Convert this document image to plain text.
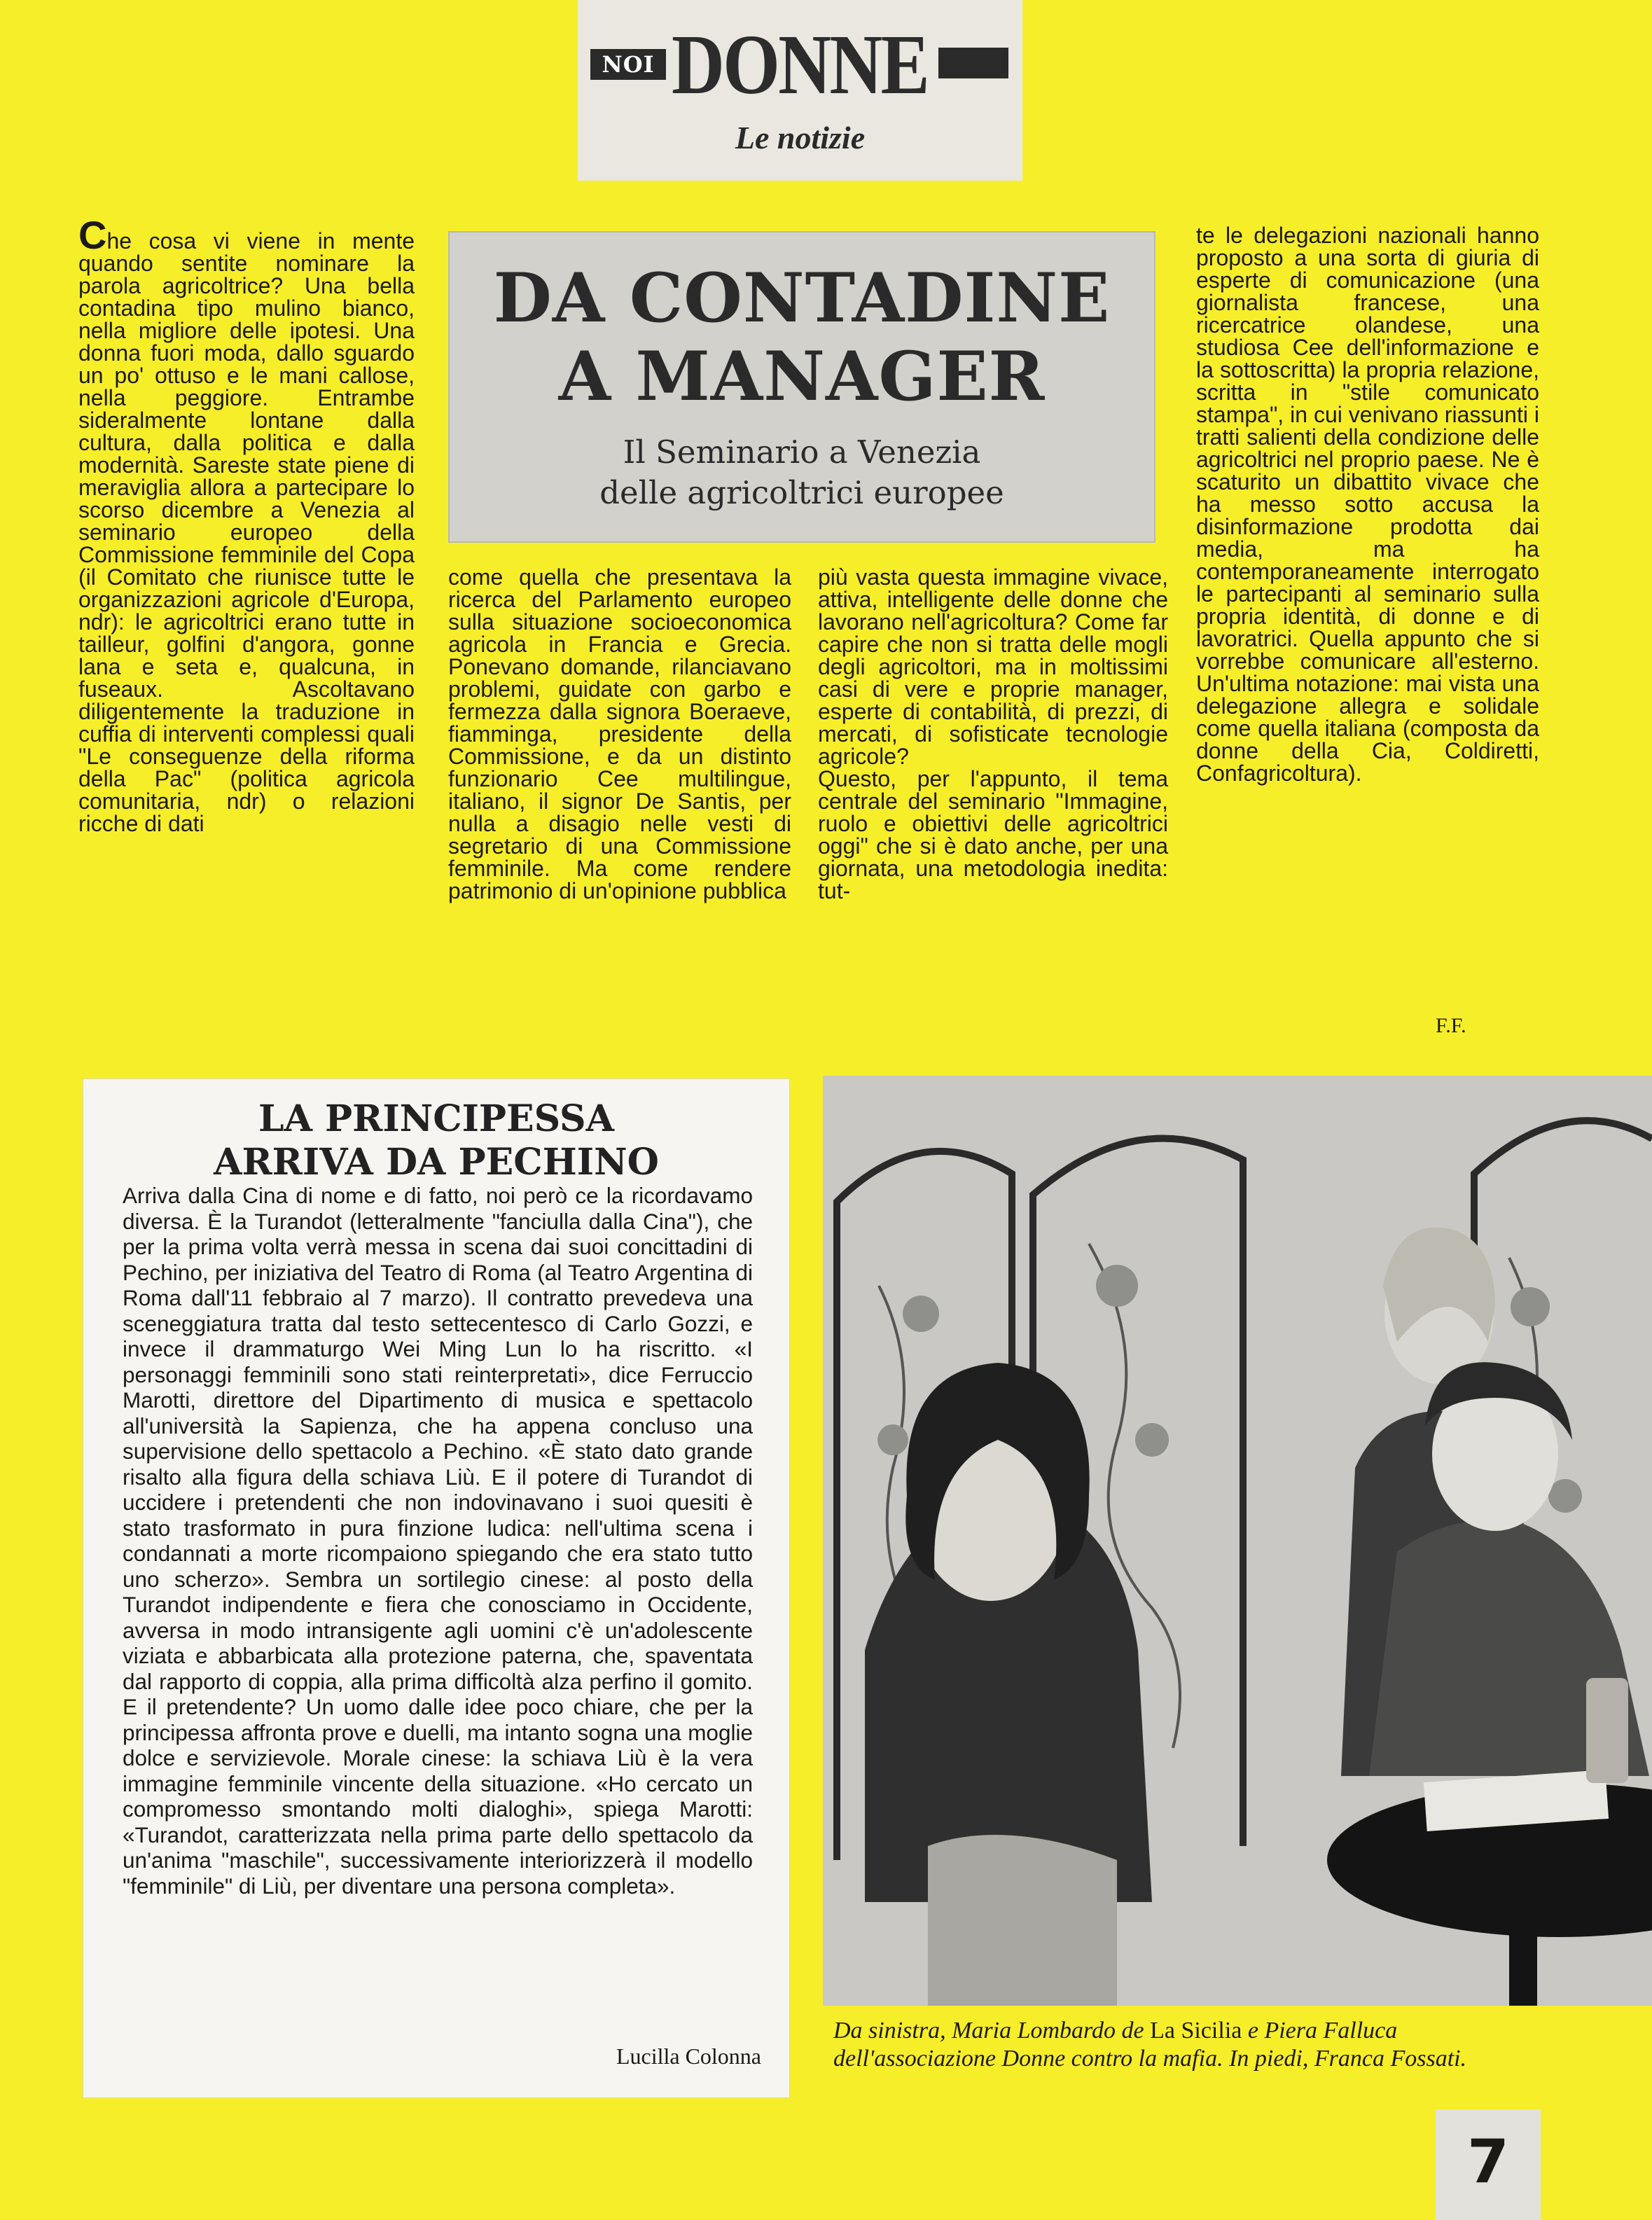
NOI DONNE
Le notizie

Che cosa vi viene in mente quando sentite nominare la parola agricoltrice? Una bella contadina tipo mulino bianco, nella migliore delle ipotesi. Una donna fuori moda, dallo sguardo un po' ottuso e le mani callose, nella peggiore. Entrambe sideralmente lontane dalla cultura, dalla politica e dalla modernità. Sareste state piene di meraviglia allora a partecipare lo scorso dicembre a Venezia al seminario europeo della Commissione femminile del Copa (il Comitato che riunisce tutte le organizzazioni agricole d'Europa, ndr): le agricoltrici erano tutte in tailleur, golfini d'angora, gonne lana e seta e, qualcuna, in fuseaux. Ascoltavano diligentemente la traduzione in cuffia di interventi complessi quali "Le conseguenze della riforma della Pac" (politica agricola comunitaria, ndr) o relazioni ricche di dati

DA CONTADINE
A MANAGER
Il Seminario a Venezia
delle agricoltrici europee

come quella che presentava la ricerca del Parlamento europeo sulla situazione socioeconomica agricola in Francia e Grecia. Ponevano domande, rilanciavano problemi, guidate con garbo e fermezza dalla signora Boeraeve, fiamminga, presidente della Commissione, e da un distinto funzionario Cee multilingue, italiano, il signor De Santis, per nulla a disagio nelle vesti di segretario di una Commissione femminile. Ma come rendere patrimonio di un'opinione pubblica

più vasta questa immagine vivace, attiva, intelligente delle donne che lavorano nell'agricoltura? Come far capire che non si tratta delle mogli degli agricoltori, ma in moltissimi casi di vere e proprie manager, esperte di contabilità, di prezzi, di mercati, di sofisticate tecnologie agricole?

Questo, per l'appunto, il tema centrale del seminario "Immagine, ruolo e obiettivi delle agricoltrici oggi" che si è dato anche, per una giornata, una metodologia inedita: tut-

te le delegazioni nazionali hanno proposto a una sorta di giuria di esperte di comunicazione (una giornalista francese, una ricercatrice olandese, una studiosa Cee dell'informazione e la sottoscritta) la propria relazione, scritta in "stile comunicato stampa", in cui venivano riassunti i tratti salienti della condizione delle agricoltrici nel proprio paese. Ne è scaturito un dibattito vivace che ha messo sotto accusa la disinformazione prodotta dai media, ma ha contemporaneamente interrogato le partecipanti al seminario sulla propria identità, di donne e di lavoratrici. Quella appunto che si vorrebbe comunicare all'esterno. Un'ultima notazione: mai vista una delegazione allegra e solidale come quella italiana (composta da donne della Cia, Coldiretti, Confagricoltura).

F.F.
LA PRINCIPESSA
ARRIVA DA PECHINO
Arriva dalla Cina di nome e di fatto, noi però ce la ricordavamo diversa. È la Turandot (letteralmente "fanciulla dalla Cina"), che per la prima volta verrà messa in scena dai suoi concittadini di Pechino, per iniziativa del Teatro di Roma (al Teatro Argentina di Roma dall'11 febbraio al 7 marzo). Il contratto prevedeva una sceneggiatura tratta dal testo settecentesco di Carlo Gozzi, e invece il drammaturgo Wei Ming Lun lo ha riscritto. «I personaggi femminili sono stati reinterpretati», dice Ferruccio Marotti, direttore del Dipartimento di musica e spettacolo all'università la Sapienza, che ha appena concluso una supervisione dello spettacolo a Pechino. «È stato dato grande risalto alla figura della schiava Liù. E il potere di Turandot di uccidere i pretendenti che non indovinavano i suoi quesiti è stato trasformato in pura finzione ludica: nell'ultima scena i condannati a morte ricompaiono spiegando che era stato tutto uno scherzo». Sembra un sortilegio cinese: al posto della Turandot indipendente e fiera che conosciamo in Occidente, avversa in modo intransigente agli uomini c'è un'adolescente viziata e abbarbicata alla protezione paterna, che, spaventata dal rapporto di coppia, alla prima difficoltà alza perfino il gomito. E il pretendente? Un uomo dalle idee poco chiare, che per la principessa affronta prove e duelli, ma intanto sogna una moglie dolce e servizievole. Morale cinese: la schiava Liù è la vera immagine femminile vincente della situazione. «Ho cercato un compromesso smontando molti dialoghi», spiega Marotti: «Turandot, caratterizzata nella prima parte dello spettacolo da un'anima "maschile", successivamente interiorizzerà il modello "femminile" di Liù, per diventare una persona completa».
Lucilla Colonna
Da sinistra, Maria Lombardo de La Sicilia e Piera Falluca dell'associazione Donne contro la mafia. In piedi, Franca Fossati.
7
